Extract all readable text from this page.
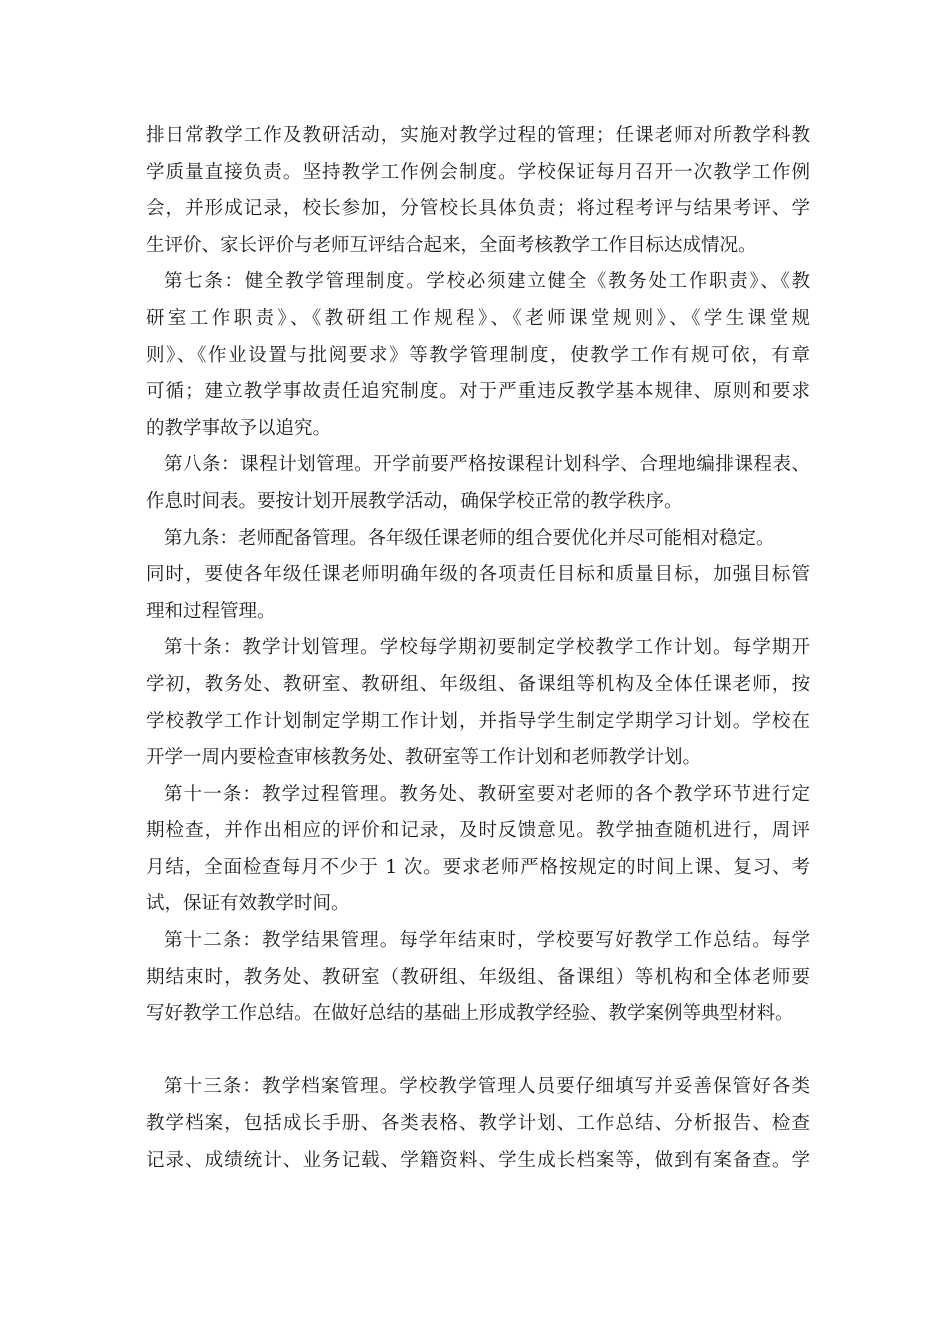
排日常教学工作及教研活动，实施对教学过程的管理；任课老师对所教学科教
学质量直接负责。坚持教学工作例会制度。学校保证每月召开一次教学工作例
会，并形成记录，校长参加，分管校长具体负责；将过程考评与结果考评、学
生评价、家长评价与老师互评结合起来，全面考核教学工作目标达成情况。
第七条：健全教学管理制度。学校必须建立健全《教务处工作职责》、《教
研室工作职责》、《教研组工作规程》、《老师课堂规则》、《学生课堂规
则》、《作业设置与批阅要求》等教学管理制度，使教学工作有规可依，有章
可循；建立教学事故责任追究制度。对于严重违反教学基本规律、原则和要求
的教学事故予以追究。
第八条：课程计划管理。开学前要严格按课程计划科学、合理地编排课程表、
作息时间表。要按计划开展教学活动，确保学校正常的教学秩序。
第九条：老师配备管理。各年级任课老师的组合要优化并尽可能相对稳定。
同时，要使各年级任课老师明确年级的各项责任目标和质量目标，加强目标管
理和过程管理。
第十条：教学计划管理。学校每学期初要制定学校教学工作计划。每学期开
学初，教务处、教研室、教研组、年级组、备课组等机构及全体任课老师，按
学校教学工作计划制定学期工作计划，并指导学生制定学期学习计划。学校在
开学一周内要检查审核教务处、教研室等工作计划和老师教学计划。
第十一条：教学过程管理。教务处、教研室要对老师的各个教学环节进行定
期检查，并作出相应的评价和记录，及时反馈意见。教学抽查随机进行，周评
月结，全面检查每月不少于 1 次。要求老师严格按规定的时间上课、复习、考
试，保证有效教学时间。
第十二条：教学结果管理。每学年结束时，学校要写好教学工作总结。每学
期结束时，教务处、教研室（教研组、年级组、备课组）等机构和全体老师要
写好教学工作总结。在做好总结的基础上形成教学经验、教学案例等典型材料。
第十三条：教学档案管理。学校教学管理人员要仔细填写并妥善保管好各类
教学档案，包括成长手册、各类表格、教学计划、工作总结、分析报告、检查
记录、成绩统计、业务记载、学籍资料、学生成长档案等，做到有案备查。学
